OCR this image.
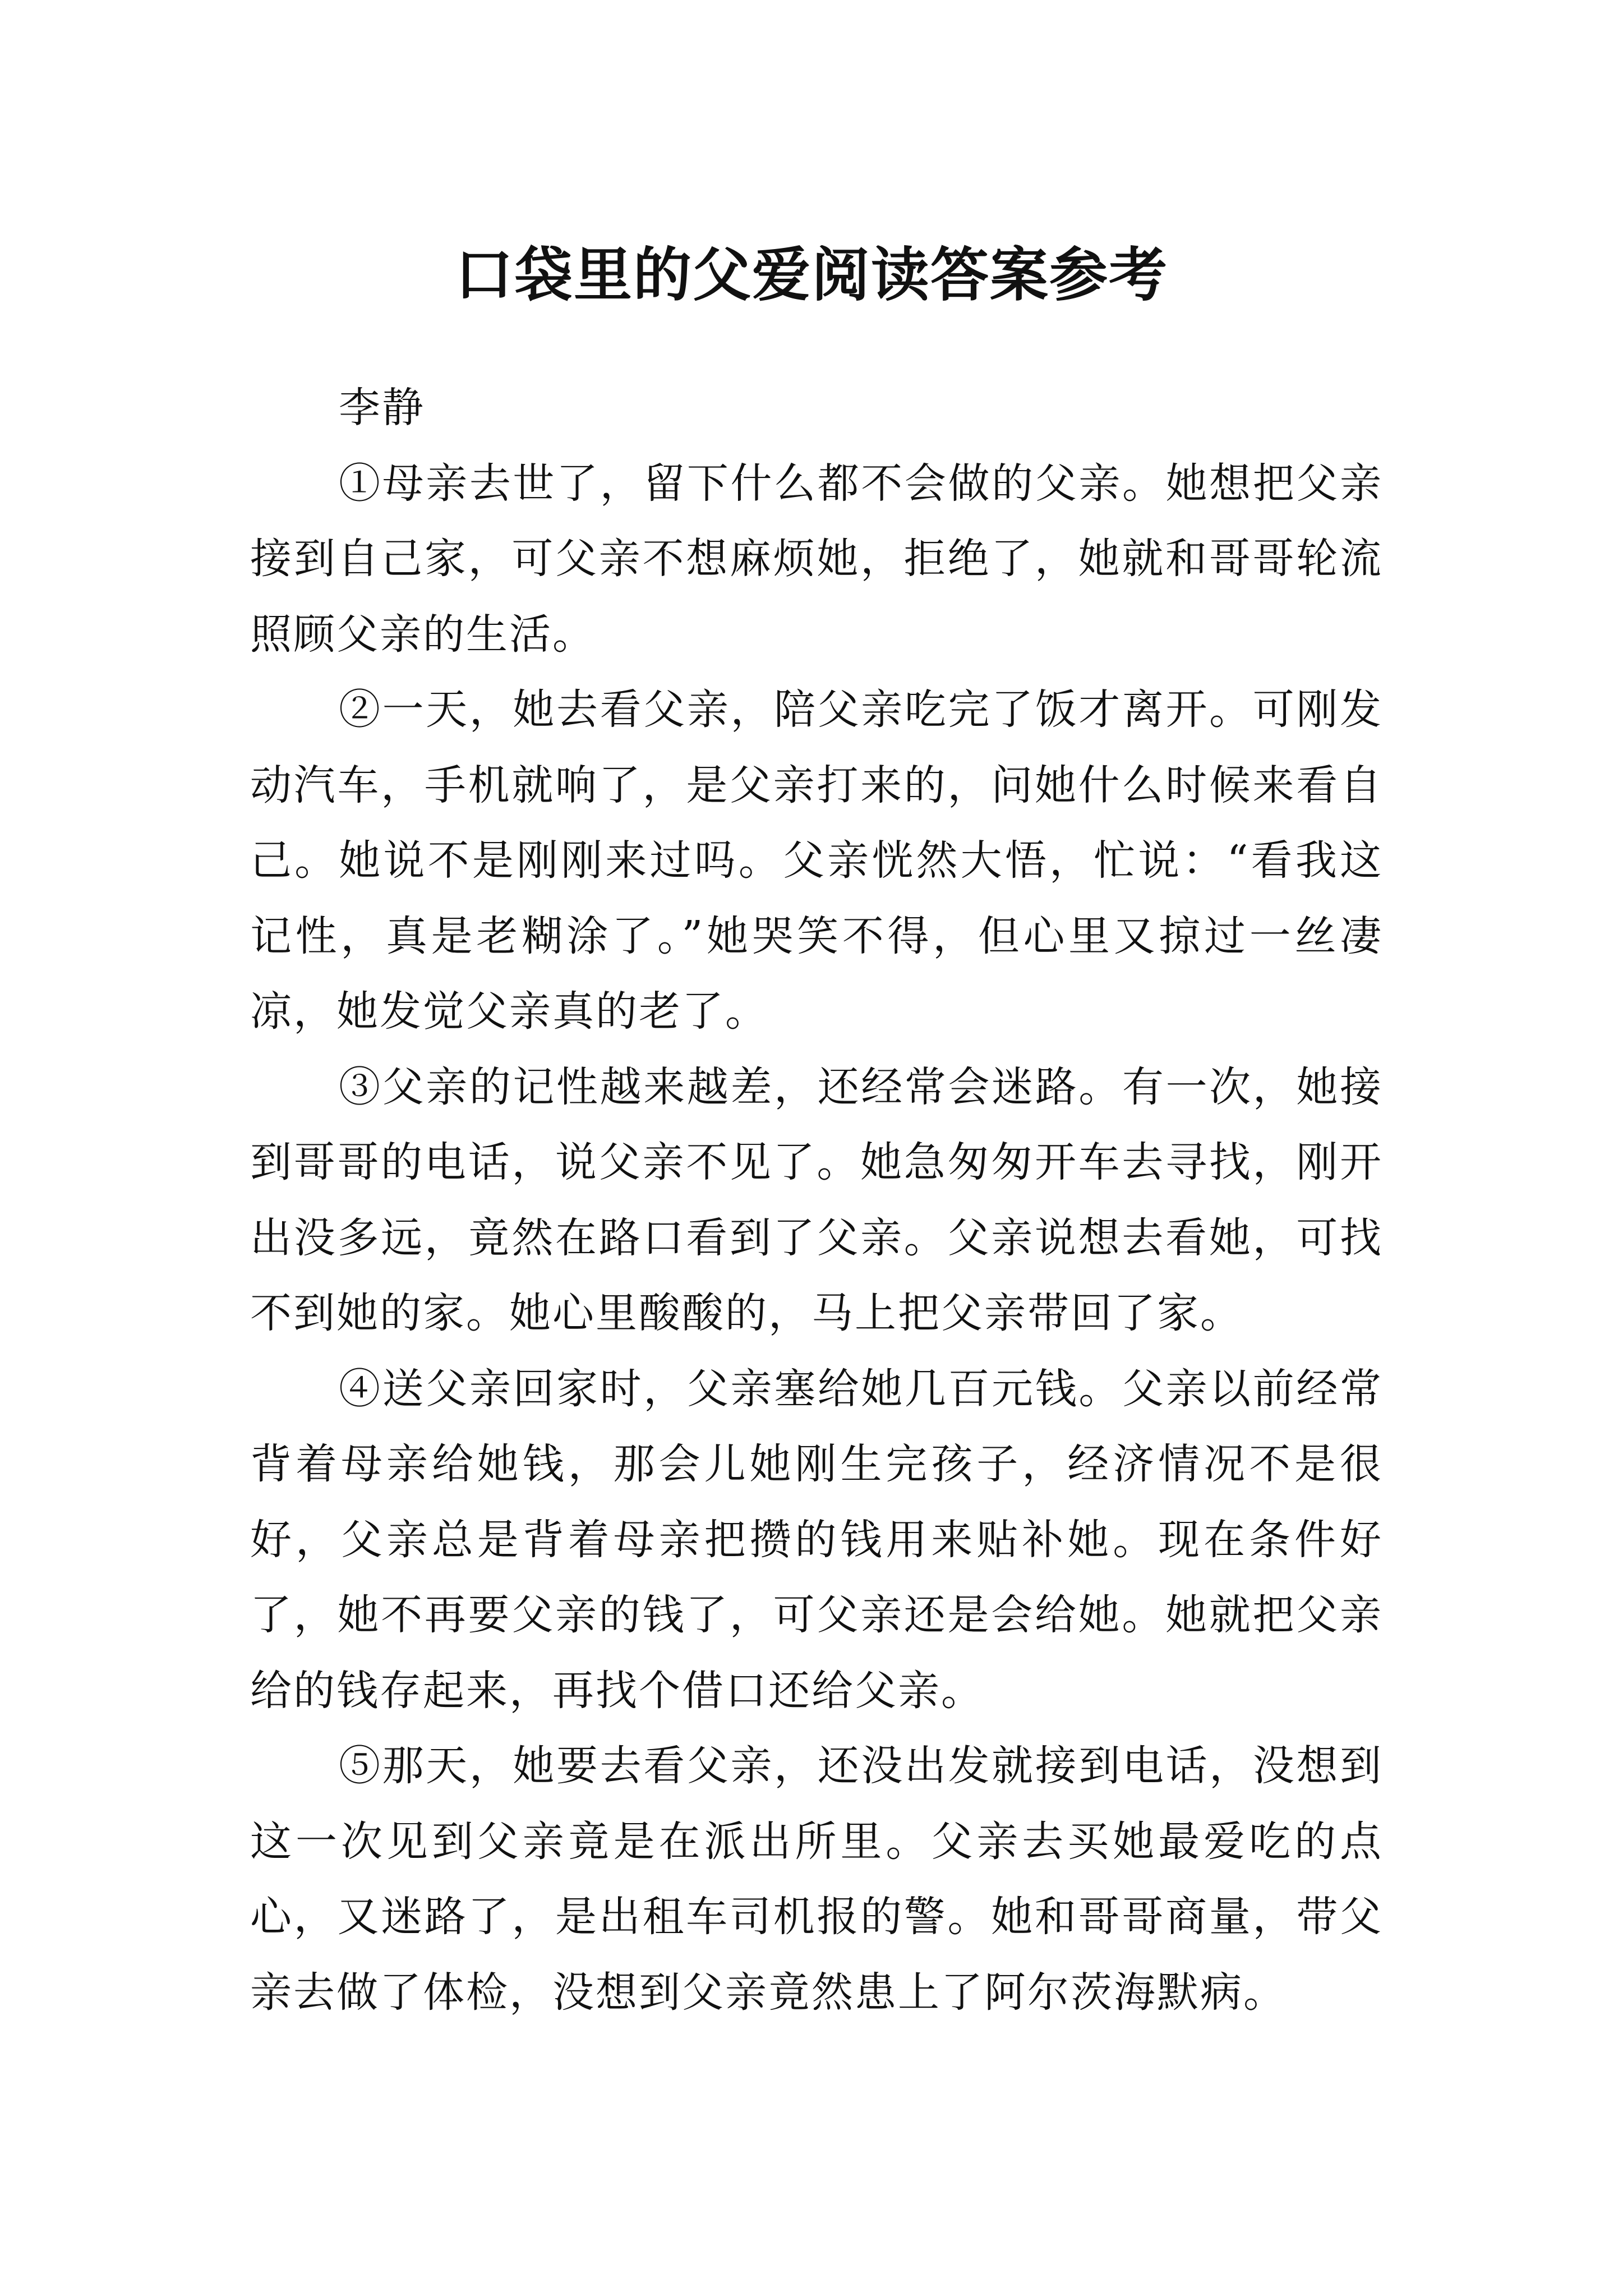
口袋里的父爱阅读答案参考

李静

①母亲去世了，留下什么都不会做的父亲。她想把父亲接到自己家，可父亲不想麻烦她，拒绝了，她就和哥哥轮流照顾父亲的生活。

②一天，她去看父亲，陪父亲吃完了饭才离开。可刚发动汽车，手机就响了，是父亲打来的，问她什么时候来看自己。她说不是刚刚来过吗。父亲恍然大悟，忙说：“看我这记性，真是老糊涂了。”她哭笑不得，但心里又掠过一丝凄凉，她发觉父亲真的老了。

③父亲的记性越来越差，还经常会迷路。有一次，她接到哥哥的电话，说父亲不见了。她急匆匆开车去寻找，刚开出没多远，竟然在路口看到了父亲。父亲说想去看她，可找不到她的家。她心里酸酸的，马上把父亲带回了家。

④送父亲回家时，父亲塞给她几百元钱。父亲以前经常背着母亲给她钱，那会儿她刚生完孩子，经济情况不是很好，父亲总是背着母亲把攒的钱用来贴补她。现在条件好了，她不再要父亲的钱了，可父亲还是会给她。她就把父亲给的钱存起来，再找个借口还给父亲。

⑤那天，她要去看父亲，还没出发就接到电话，没想到这一次见到父亲竟是在派出所里。父亲去买她最爱吃的点心，又迷路了，是出租车司机报的警。她和哥哥商量，带父亲去做了体检，没想到父亲竟然患上了阿尔茨海默病。
